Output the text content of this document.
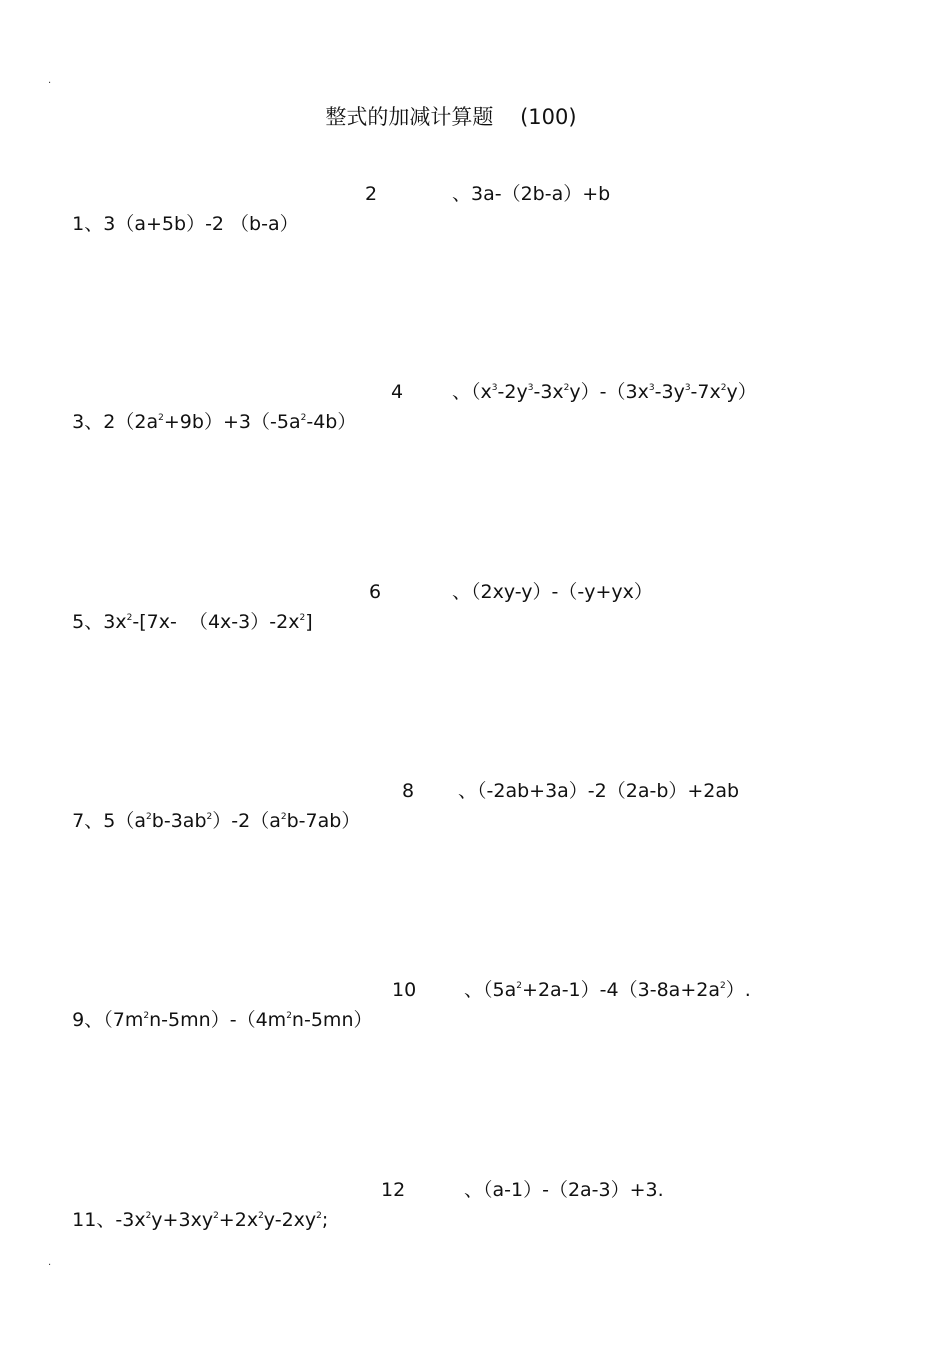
.
整式的加减计算题    (100)

1、3（a+5b）-2 （b-a）

2

	、3a-（2b-a）+b

3、$2(2a^2+9b)+3(-5a^2-4b)$

4

	、$(x^3-2y^3-3x^2y)-(3x^3-3y^3-7x^2y)$

5、$3x^2-[7x-$ $(4x-3)-2x^2$]

6

	、（2xy-y）-（-y+yx）

7、$5(a^2b-3ab^2)-2(a^2b-7ab)$

8

、（-2ab+3a）-2（2a-b）+2ab

9、$(7m^2n-5mn)-(4m^2n-5mn)$

10

	、$(5a^2+2a-1)-4(3-8a+2a^2)$.

11、$-3x^2y+3xy^2+2x^2y-2xy^2$;

12

	、（a-1）-（2a-3）+3.

.
